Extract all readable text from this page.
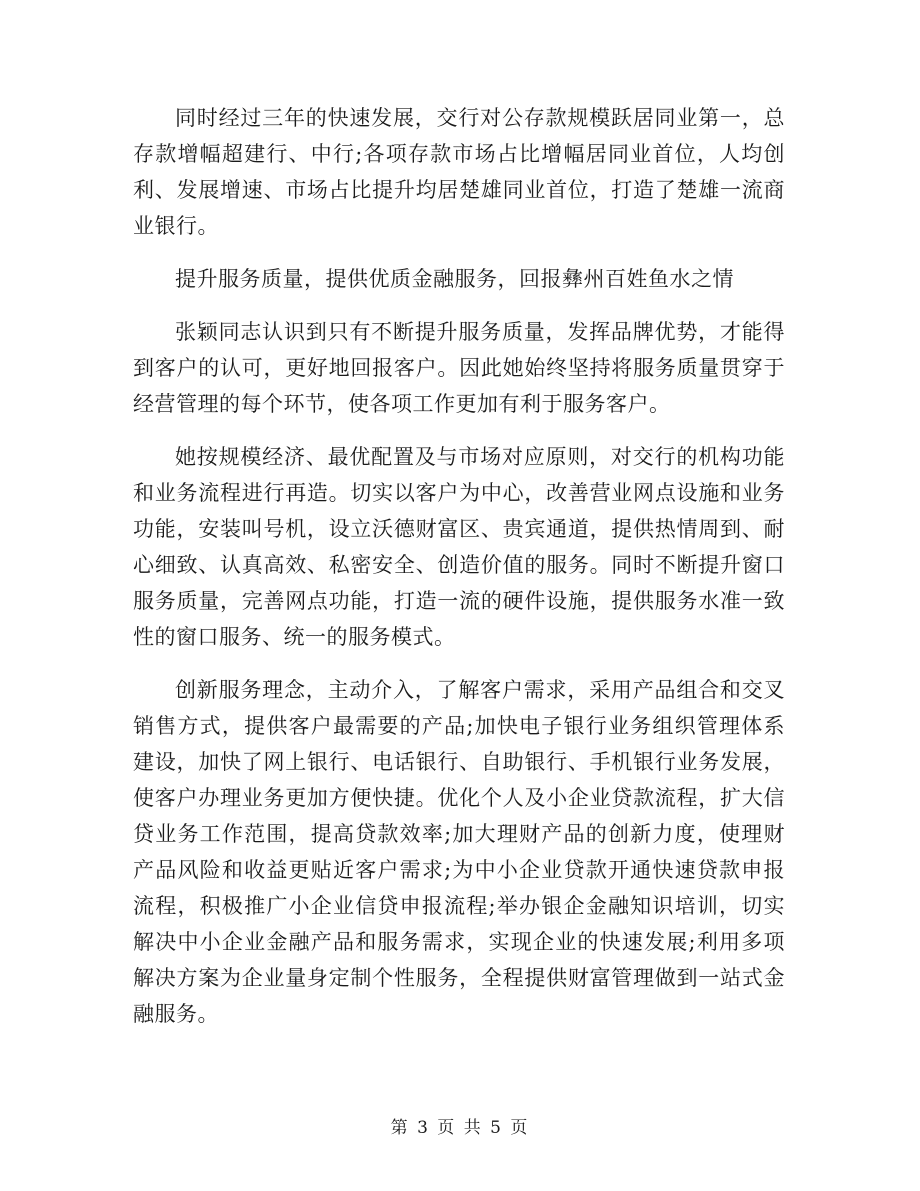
同时经过三年的快速发展，交行对公存款规模跃居同业第一，总存款增幅超建行、中行;各项存款市场占比增幅居同业首位，人均创利、发展增速、市场占比提升均居楚雄同业首位，打造了楚雄一流商业银行。

提升服务质量，提供优质金融服务，回报彝州百姓鱼水之情

张颖同志认识到只有不断提升服务质量，发挥品牌优势，才能得到客户的认可，更好地回报客户。因此她始终坚持将服务质量贯穿于经营管理的每个环节，使各项工作更加有利于服务客户。

她按规模经济、最优配置及与市场对应原则，对交行的机构功能和业务流程进行再造。切实以客户为中心，改善营业网点设施和业务功能，安装叫号机，设立沃德财富区、贵宾通道，提供热情周到、耐心细致、认真高效、私密安全、创造价值的服务。同时不断提升窗口服务质量，完善网点功能，打造一流的硬件设施，提供服务水准一致性的窗口服务、统一的服务模式。

创新服务理念，主动介入，了解客户需求，采用产品组合和交叉销售方式，提供客户最需要的产品;加快电子银行业务组织管理体系建设，加快了网上银行、电话银行、自助银行、手机银行业务发展，使客户办理业务更加方便快捷。优化个人及小企业贷款流程，扩大信贷业务工作范围，提高贷款效率;加大理财产品的创新力度，使理财产品风险和收益更贴近客户需求;为中小企业贷款开通快速贷款申报流程，积极推广小企业信贷申报流程;举办银企金融知识培训，切实解决中小企业金融产品和服务需求，实现企业的快速发展;利用多项解决方案为企业量身定制个性服务，全程提供财富管理做到一站式金融服务。

第 3 页 共 5 页
